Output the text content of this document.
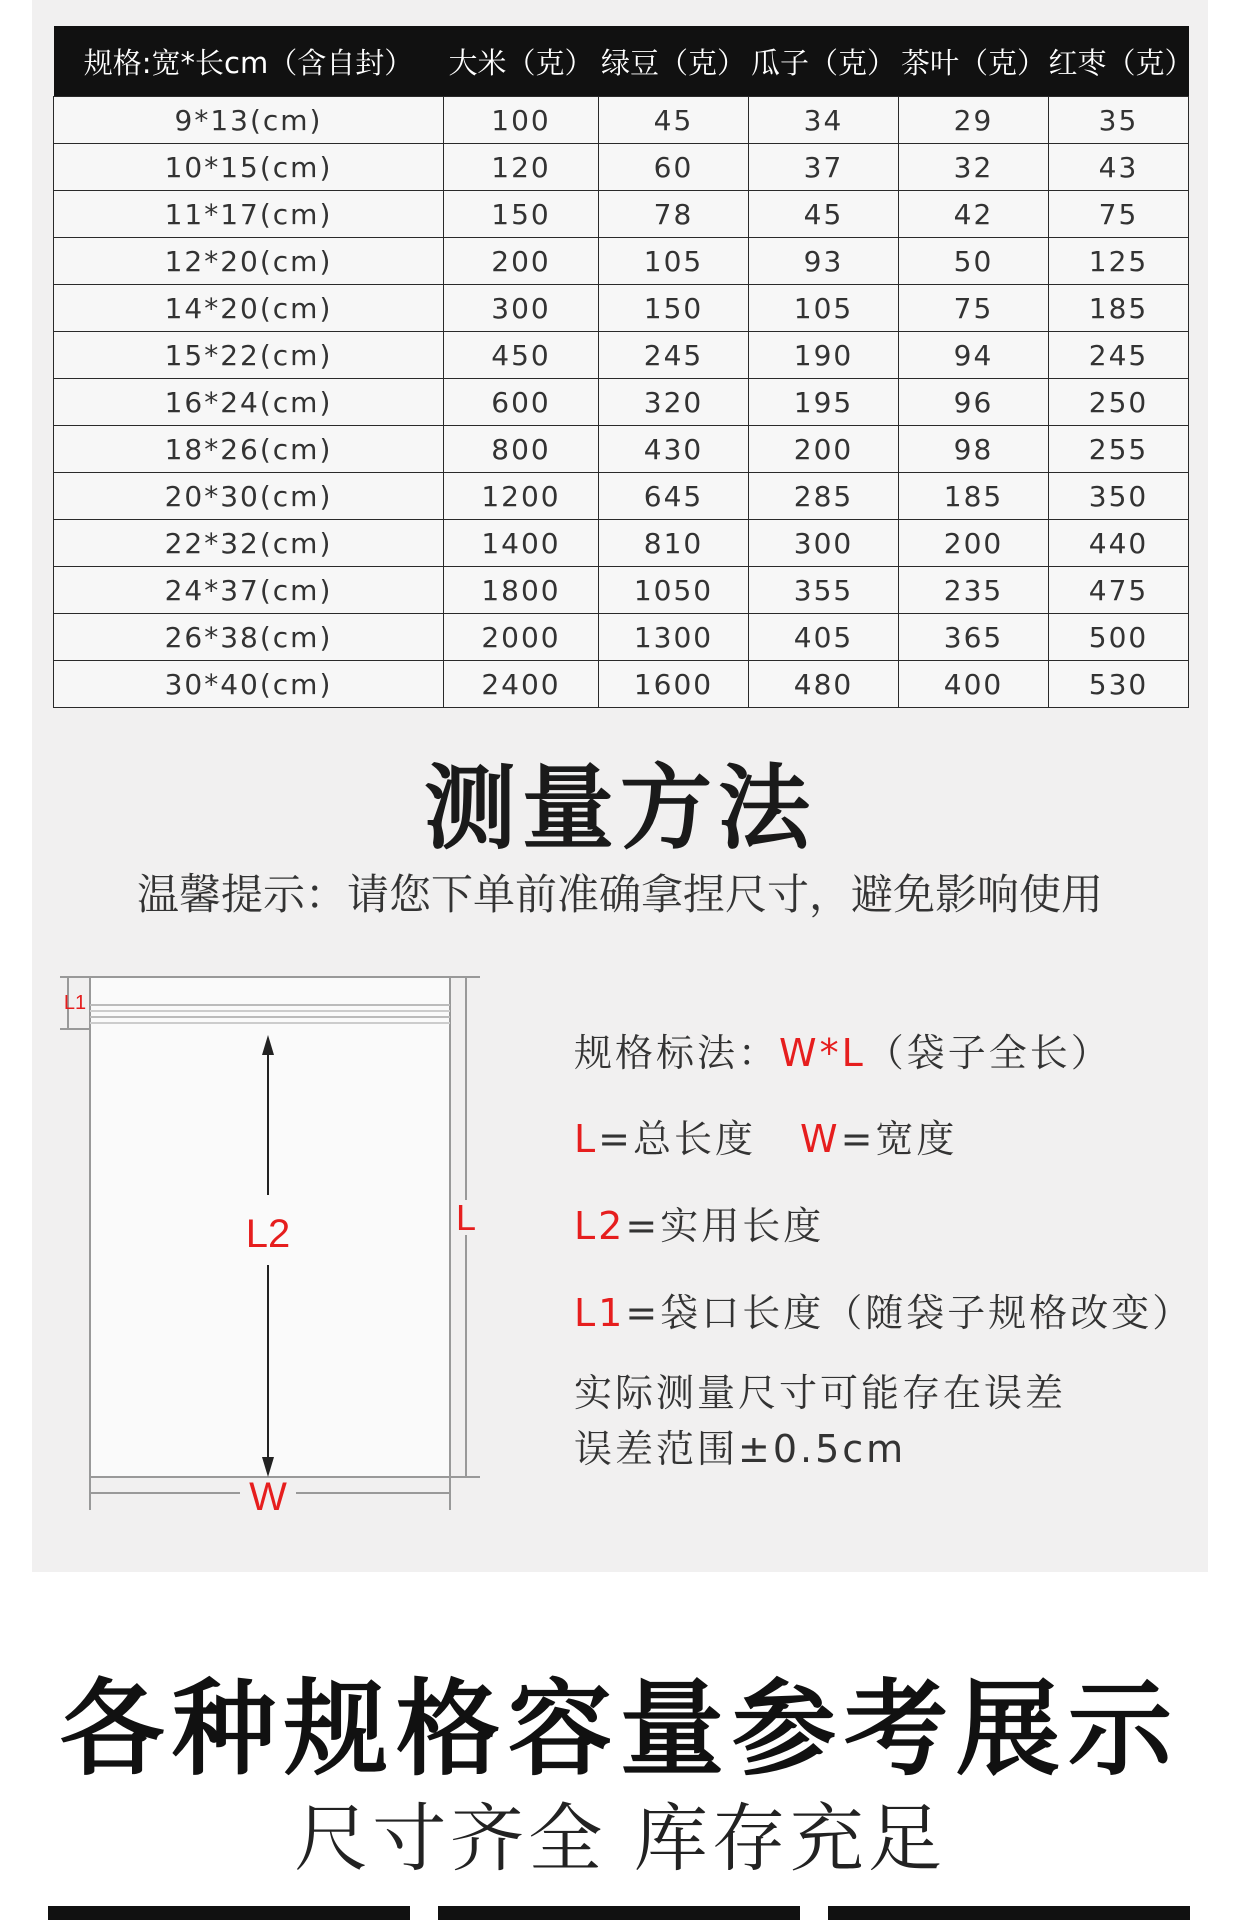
规格:宽*长cm（含自封）	大米（克）	绿豆（克）	瓜子（克）	茶叶（克）	红枣（克）
9*13(cm)	100	45	34	29	35
10*15(cm)	120	60	37	32	43
11*17(cm)	150	78	45	42	75
12*20(cm)	200	105	93	50	125
14*20(cm)	300	150	105	75	185
15*22(cm)	450	245	190	94	245
16*24(cm)	600	320	195	96	250
18*26(cm)	800	430	200	98	255
20*30(cm)	1200	645	285	185	350
22*32(cm)	1400	810	300	200	440
24*37(cm)	1800	1050	355	235	475
26*38(cm)	2000	1300	405	365	500
30*40(cm)	2400	1600	480	400	530
测量方法
温馨提示：请您下单前准确拿捏尺寸，避免影响使用
L1
L2	L
W
规格标法：W*L（袋子全长）
L=总长度 W=宽度
L2=实用长度
L1=袋口长度（随袋子规格改变）
实际测量尺寸可能存在误差
误差范围±0.5cm
各种规格容量参考展示
尺寸齐全 库存充足
